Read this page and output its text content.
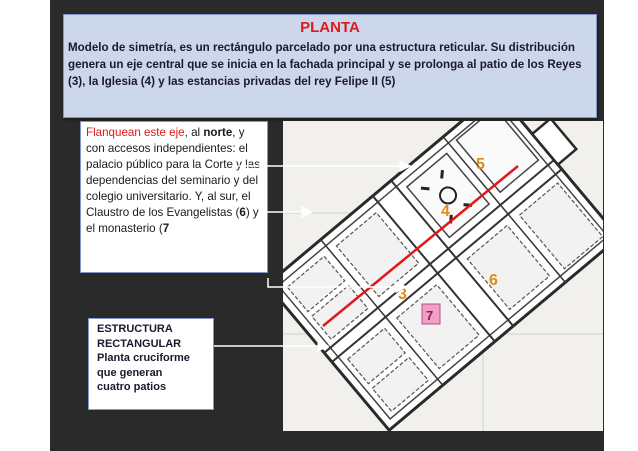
PLANTA
Modelo de simetría, es un rectángulo parcelado por una estructura reticular. Su distribución genera un eje central que se inicia en la fachada principal y se prolonga al patio de los Reyes (3), la Iglesia (4) y las estancias privadas del rey Felipe II (5)
Flanquean este eje, al norte, y con accesos independientes: el palacio público para la Corte y las dependencias del seminario y del colegio universitario. Y, al sur, el Claustro de los Evangelistas (6) y el monasterio (7
ESTRUCTURA
RECTANGULAR
Planta cruciforme
que generan
cuatro patios
3
4
5
6
7
